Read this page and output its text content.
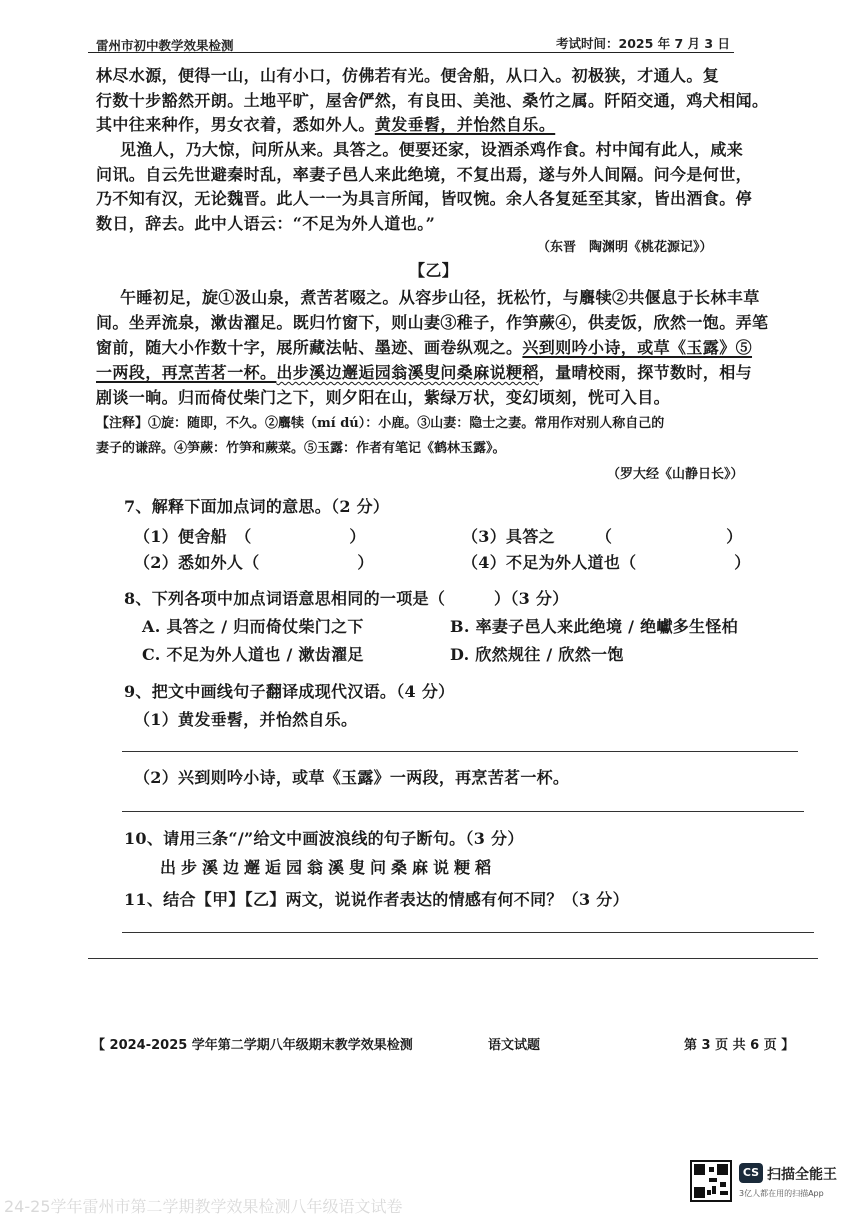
雷州市初中教学效果检测	考试时间：2025 年 7 月 3 日
林尽水源，便得一山，山有小口，仿佛若有光。便舍船，从口入。初极狭，才通人。复
行数十步豁然开朗。土地平旷，屋舍俨然，有良田、美池、桑竹之属。阡陌交通，鸡犬相闻。
其中往来种作，男女衣着，悉如外人。黄发垂髫，并怡然自乐。
见渔人，乃大惊，问所从来。具答之。便要还家，设酒杀鸡作食。村中闻有此人，咸来
问讯。自云先世避秦时乱，率妻子邑人来此绝境，不复出焉，遂与外人间隔。问今是何世，
乃不知有汉，无论魏晋。此人一一为具言所闻，皆叹惋。余人各复延至其家，皆出酒食。停
数日，辞去。此中人语云：“不足为外人道也。”
（东晋　陶渊明《桃花源记》）
【乙】
午睡初足，旋①汲山泉，煮苦茗啜之。从容步山径，抚松竹，与麛犊②共偃息于长林丰草
间。坐弄流泉，漱齿濯足。既归竹窗下，则山妻③稚子，作笋蕨④，供麦饭，欣然一饱。弄笔
窗前，随大小作数十字，展所藏法帖、墨迹、画卷纵观之。兴到则吟小诗，或草《玉露》⑤
一两段，再烹苦茗一杯。出步溪边邂逅园翁溪叟问桑麻说粳稻，量晴校雨，探节数时，相与
剧谈一晌。归而倚仗柴门之下，则夕阳在山，紫绿万状，变幻顷刻，恍可入目。
【注释】①旋：随即，不久。②麛犊（mí dú）：小鹿。③山妻：隐士之妻。常用作对别人称自己的
妻子的谦辞。④笋蕨：竹笋和蕨菜。⑤玉露：作者有笔记《鹤林玉露》。
（罗大经《山静日长》）
7、解释下面加点词的意思。（2 分）
（1）便舍船　（　　　　　　）	（3）具答之　　　（　　　　　　　）
（2）悉如外人（　　　　　　）	（4）不足为外人道也（　　　　　　）
8、下列各项中加点词语意思相同的一项是（　　　）（3 分）
A. 具答之 / 归而倚仗柴门之下	B. 率妻子邑人来此绝境 / 绝巘多生怪柏
C. 不足为外人道也 / 漱齿濯足	D. 欣然规往 / 欣然一饱
9、把文中画线句子翻译成现代汉语。（4 分）
（1）黄发垂髫，并怡然自乐。
（2）兴到则吟小诗，或草《玉露》一两段，再烹苦茗一杯。
10、请用三条“/”给文中画波浪线的句子断句。（3 分）
出步溪边邂逅园翁溪叟问桑麻说粳稻
11、结合【甲】【乙】两文，说说作者表达的情感有何不同？（3 分）
【 2024-2025 学年第二学期八年级期末教学效果检测	语文试题	第 3 页 共 6 页 】
CS 扫描全能王
3亿人都在用的扫描App
24-25学年雷州市第二学期教学效果检测八年级语文试卷
